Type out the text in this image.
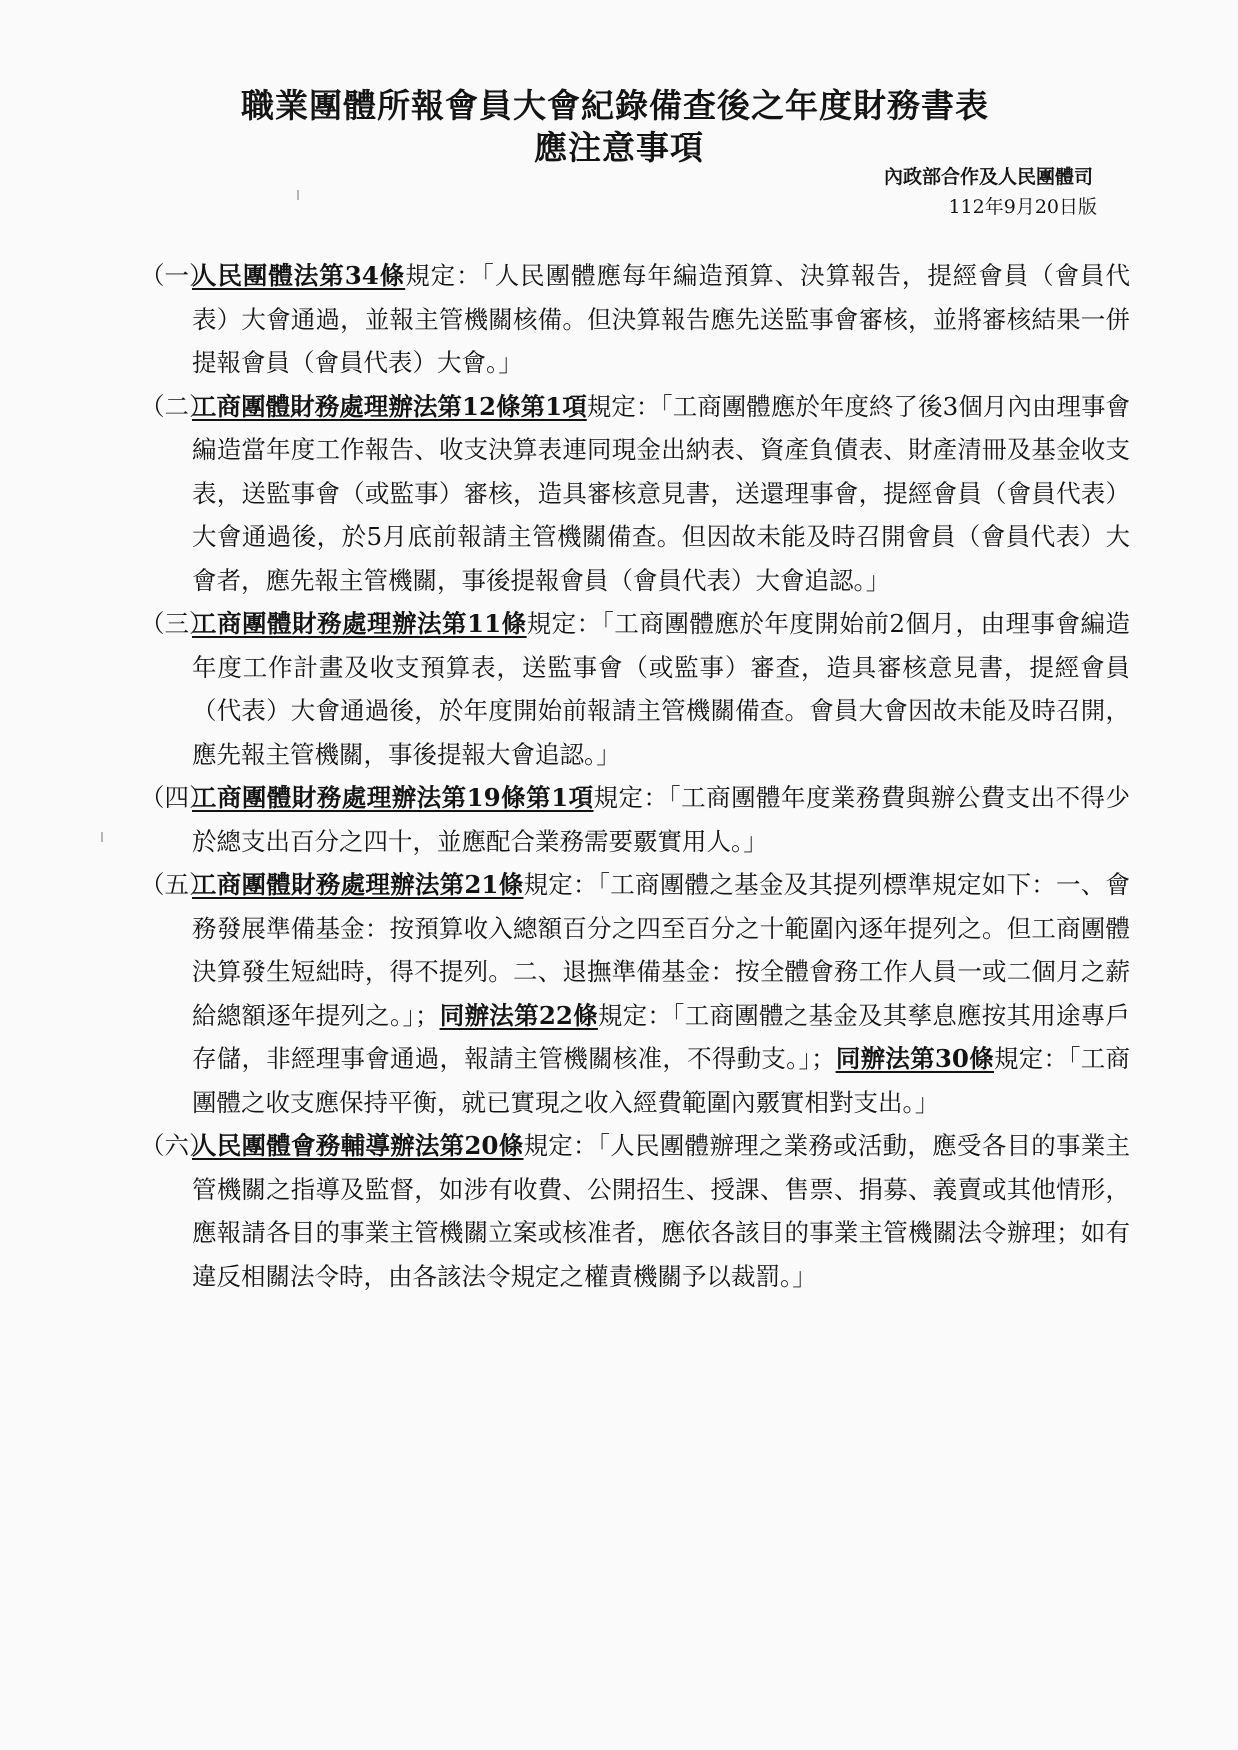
職業團體所報會員大會紀錄備查後之年度財務書表
應注意事項
內政部合作及人民團體司
112年9月20日版
（一）
人民團體法第34條規定：「人民團體應每年編造預算、決算報告，提經會員（會員代表）大會通過，並報主管機關核備。但決算報告應先送監事會審核，並將審核結果一併提報會員（會員代表）大會。」
（二）
工商團體財務處理辦法第12條第1項規定：「工商團體應於年度終了後3個月內由理事會編造當年度工作報告、收支決算表連同現金出納表、資產負債表、財產清冊及基金收支表，送監事會（或監事）審核，造具審核意見書，送還理事會，提經會員（會員代表）大會通過後，於5月底前報請主管機關備查。但因故未能及時召開會員（會員代表）大會者，應先報主管機關，事後提報會員（會員代表）大會追認。」
（三）
工商團體財務處理辦法第11條規定：「工商團體應於年度開始前2個月，由理事會編造年度工作計畫及收支預算表，送監事會（或監事）審查，造具審核意見書，提經會員（代表）大會通過後，於年度開始前報請主管機關備查。會員大會因故未能及時召開，應先報主管機關，事後提報大會追認。」
（四）
工商團體財務處理辦法第19條第1項規定：「工商團體年度業務費與辦公費支出不得少於總支出百分之四十，並應配合業務需要覈實用人。」
（五）
工商團體財務處理辦法第21條規定：「工商團體之基金及其提列標準規定如下：一、會務發展準備基金：按預算收入總額百分之四至百分之十範圍內逐年提列之。但工商團體決算發生短絀時，得不提列。二、退撫準備基金：按全體會務工作人員一或二個月之薪給總額逐年提列之。」；同辦法第22條規定：「工商團體之基金及其孳息應按其用途專戶存儲，非經理事會通過，報請主管機關核准，不得動支。」；同辦法第30條規定：「工商團體之收支應保持平衡，就已實現之收入經費範圍內覈實相對支出。」
（六）
人民團體會務輔導辦法第20條規定：「人民團體辦理之業務或活動，應受各目的事業主管機關之指導及監督，如涉有收費、公開招生、授課、售票、捐募、義賣或其他情形，應報請各目的事業主管機關立案或核准者，應依各該目的事業主管機關法令辦理；如有違反相關法令時，由各該法令規定之權責機關予以裁罰。」
